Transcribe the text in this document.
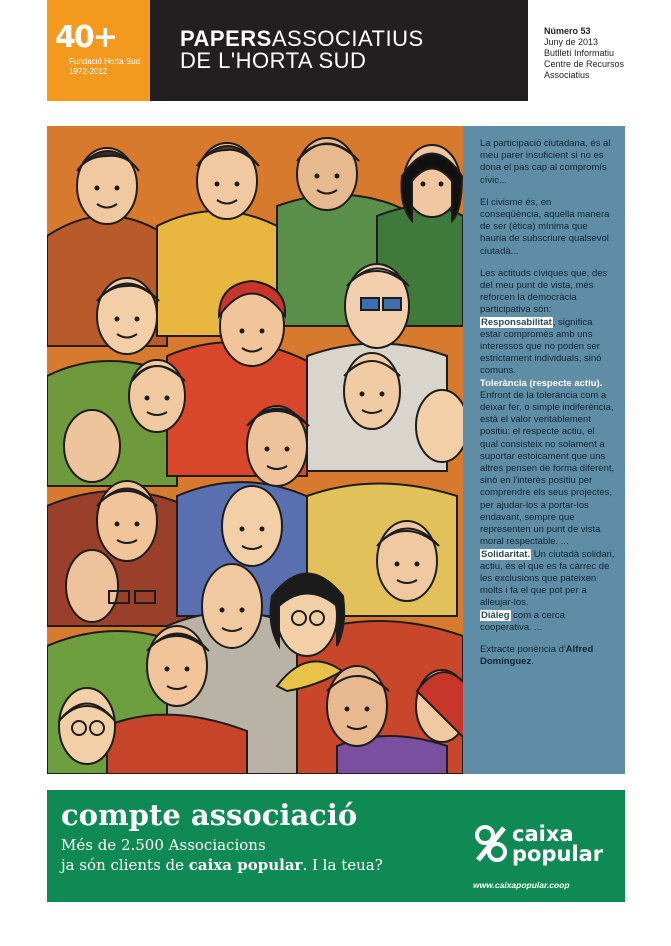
40+
Fundació Horta Sud
1972-2012
PAPERSASSOCIATIUS
DE L'HORTA SUD
Número 53
Juny de 2013
Butlletí Informatiu
Centre de Recursos
Associatius

La participació ciutadana, és al meu parer insuficient si no es dona el pas cap al compromís cívic...

El civisme és, en conseqüència, aquella manera de ser (ètica) mínima que hauria de subscriure qualsevol ciutadà...

Les actituds cíviques que, des del meu punt de vista, més reforcen la democràcia participativa són:
Responsabilitat, significa estar compromès amb uns interessos que no poden ser estrictament individuals, sinó comuns.
Tolerància (respecte actiu). Enfront de la tolerància com a deixar fer, o simple indiferència, està el valor veritablement positiu: el respecte actiu, el qual consisteix no solament a suportar estoicament que uns altres pensen de forma diferent, sinó en l'interès positiu per comprendre els seus projectes, per ajudar-los a portar-los endavant, sempre que representen un punt de vista moral respectable. ...
Solidaritat. Un ciutadà solidari, actiu, és el que es fa càrrec de les exclusions que pateixen molts i fa el que pot per a alleujar-los.
Diàleg com a cerca cooperativa. ...

Extracte ponència d'Alfred Domínguez.

compte associació
Més de 2.500 Associacions
ja són clients de caixa popular. I la teua?
caixa
popular
www.caixapopular.coop
